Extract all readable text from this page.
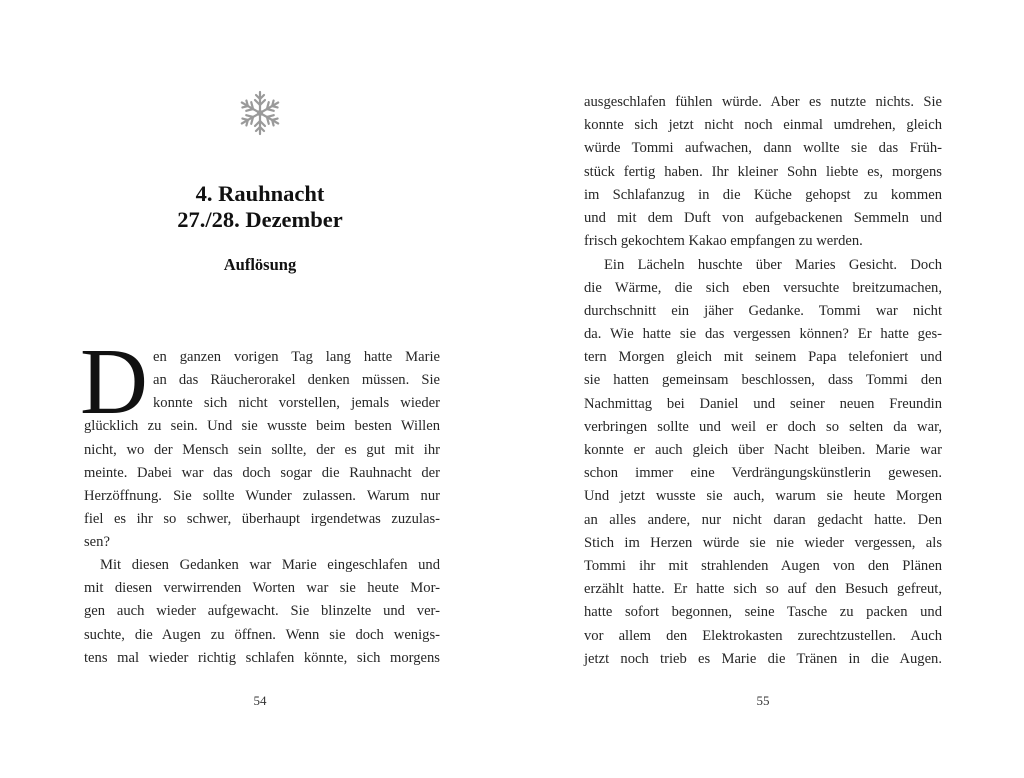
4. Rauhnacht
27./28. Dezember
Auflösung
D en ganzen vorigen Tag lang hatte Marie
an das Räucherorakel denken müssen. Sie
konnte sich nicht vorstellen, jemals wieder
glücklich zu sein. Und sie wusste beim besten Willen
nicht, wo der Mensch sein sollte, der es gut mit ihr
meinte. Dabei war das doch sogar die Rauhnacht der
Herzöffnung. Sie sollte Wunder zulassen. Warum nur
fiel es ihr so schwer, überhaupt irgendetwas zuzulas-
sen?
Mit diesen Gedanken war Marie eingeschlafen und
mit diesen verwirrenden Worten war sie heute Mor-
gen auch wieder aufgewacht. Sie blinzelte und ver-
suchte, die Augen zu öffnen. Wenn sie doch wenigs-
tens mal wieder richtig schlafen könnte, sich morgens
ausgeschlafen fühlen würde. Aber es nutzte nichts. Sie
konnte sich jetzt nicht noch einmal umdrehen, gleich
würde Tommi aufwachen, dann wollte sie das Früh-
stück fertig haben. Ihr kleiner Sohn liebte es, morgens
im Schlafanzug in die Küche gehopst zu kommen
und mit dem Duft von aufgebackenen Semmeln und
frisch gekochtem Kakao empfangen zu werden.
Ein Lächeln huschte über Maries Gesicht. Doch
die Wärme, die sich eben versuchte breitzumachen,
durchschnitt ein jäher Gedanke. Tommi war nicht
da. Wie hatte sie das vergessen können? Er hatte ges-
tern Morgen gleich mit seinem Papa telefoniert und
sie hatten gemeinsam beschlossen, dass Tommi den
Nachmittag bei Daniel und seiner neuen Freundin
verbringen sollte und weil er doch so selten da war,
konnte er auch gleich über Nacht bleiben. Marie war
schon immer eine Verdrängungskünstlerin gewesen.
Und jetzt wusste sie auch, warum sie heute Morgen
an alles andere, nur nicht daran gedacht hatte. Den
Stich im Herzen würde sie nie wieder vergessen, als
Tommi ihr mit strahlenden Augen von den Plänen
erzählt hatte. Er hatte sich so auf den Besuch gefreut,
hatte sofort begonnen, seine Tasche zu packen und
vor allem den Elektrokasten zurechtzustellen. Auch
jetzt noch trieb es Marie die Tränen in die Augen.
54	55
